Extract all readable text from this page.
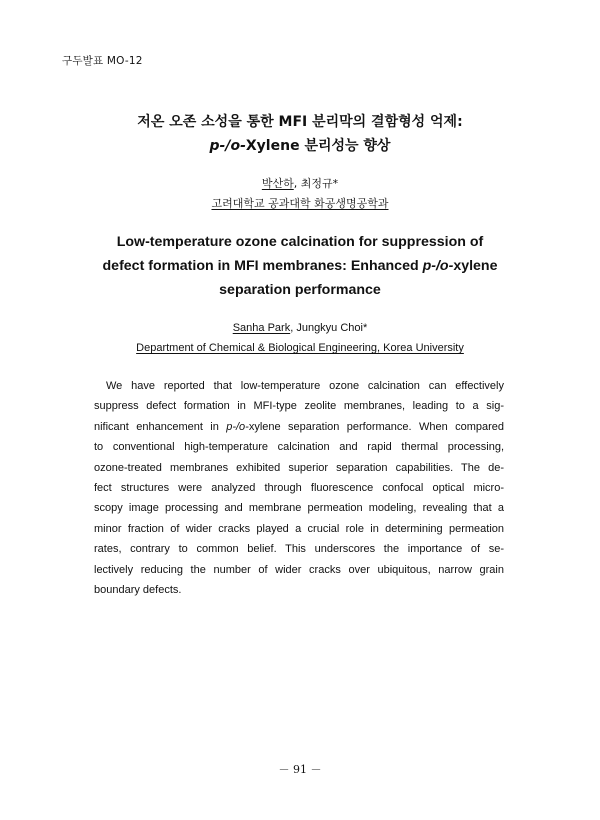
구두발표 MO-12
저온 오존 소성을 통한 MFI 분리막의 결함형성 억제:
p-/o-Xylene 분리성능 향상
박산하, 최정규*
고려대학교 공과대학 화공생명공학과
Low-temperature ozone calcination for suppression of
defect formation in MFI membranes: Enhanced p-/o-xylene
separation performance
Sanha Park, Jungkyu Choi*
Department of Chemical & Biological Engineering, Korea University
We have reported that low-temperature ozone calcination can effectively
suppress defect formation in MFI-type zeolite membranes, leading to a sig-
nificant enhancement in p-/o-xylene separation performance. When compared
to conventional high-temperature calcination and rapid thermal processing,
ozone-treated membranes exhibited superior separation capabilities. The de-
fect structures were analyzed through fluorescence confocal optical micro-
scopy image processing and membrane permeation modeling, revealing that a
minor fraction of wider cracks played a crucial role in determining permeation
rates, contrary to common belief. This underscores the importance of se-
lectively reducing the number of wider cracks over ubiquitous, narrow grain
boundary defects.
－ 91 －
